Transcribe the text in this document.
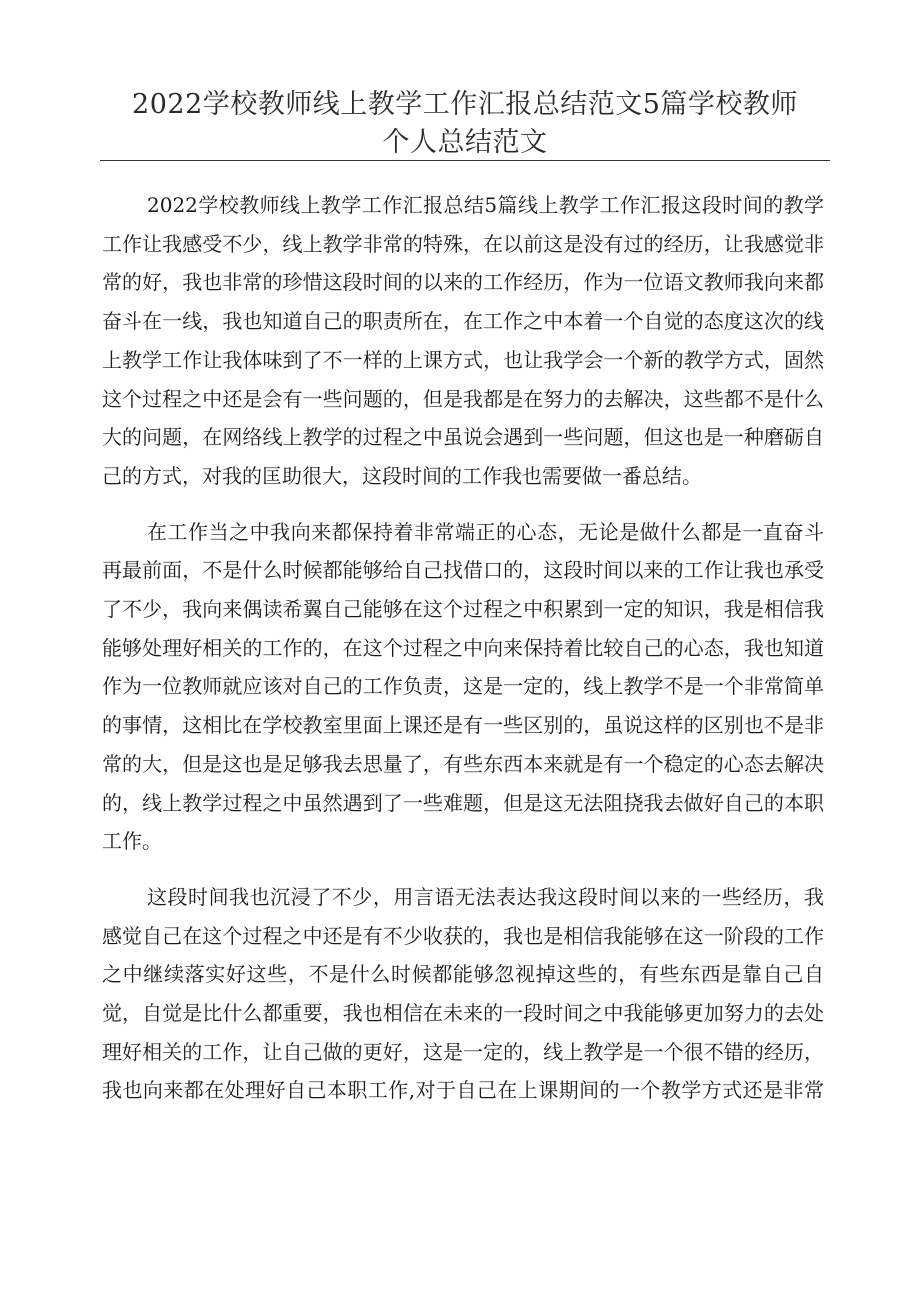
2022学校教师线上教学工作汇报总结范文5篇学校教师
个人总结范文
2022学校教师线上教学工作汇报总结5篇线上教学工作汇报这段时间的教学
工作让我感受不少，线上教学非常的特殊，在以前这是没有过的经历，让我感觉非
常的好，我也非常的珍惜这段时间的以来的工作经历，作为一位语文教师我向来都
奋斗在一线，我也知道自己的职责所在，在工作之中本着一个自觉的态度这次的线
上教学工作让我体味到了不一样的上课方式，也让我学会一个新的教学方式，固然
这个过程之中还是会有一些问题的，但是我都是在努力的去解决，这些都不是什么
大的问题，在网络线上教学的过程之中虽说会遇到一些问题，但这也是一种磨砺自
己的方式，对我的匡助很大，这段时间的工作我也需要做一番总结。
在工作当之中我向来都保持着非常端正的心态，无论是做什么都是一直奋斗
再最前面，不是什么时候都能够给自己找借口的，这段时间以来的工作让我也承受
了不少，我向来偶读希翼自己能够在这个过程之中积累到一定的知识，我是相信我
能够处理好相关的工作的，在这个过程之中向来保持着比较自己的心态，我也知道
作为一位教师就应该对自己的工作负责，这是一定的，线上教学不是一个非常简单
的事情，这相比在学校教室里面上课还是有一些区别的，虽说这样的区别也不是非
常的大，但是这也是足够我去思量了，有些东西本来就是有一个稳定的心态去解决
的，线上教学过程之中虽然遇到了一些难题，但是这无法阻挠我去做好自己的本职
工作。
这段时间我也沉浸了不少，用言语无法表达我这段时间以来的一些经历，我
感觉自己在这个过程之中还是有不少收获的，我也是相信我能够在这一阶段的工作
之中继续落实好这些，不是什么时候都能够忽视掉这些的，有些东西是靠自己自
觉，自觉是比什么都重要，我也相信在未来的一段时间之中我能够更加努力的去处
理好相关的工作，让自己做的更好，这是一定的，线上教学是一个很不错的经历，
我也向来都在处理好自己本职工作,对于自己在上课期间的一个教学方式还是非常
